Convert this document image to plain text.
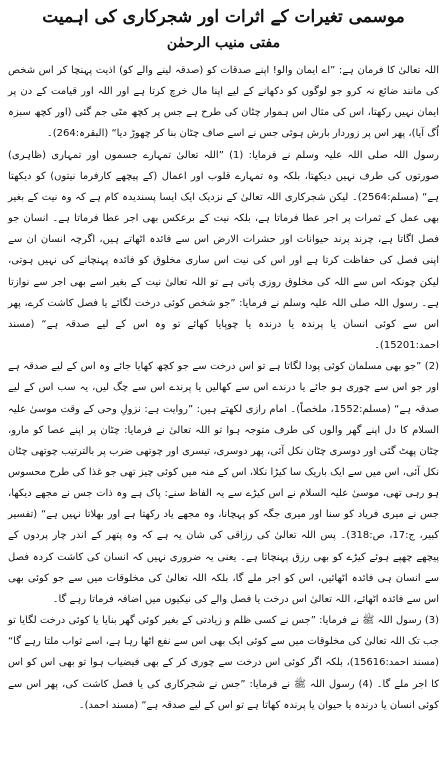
موسمی تغیرات کے اثرات اور شجرکاری کی اہمیت
مفتی منیب الرحمٰن

اللہ تعالیٰ کا فرمان ہے: ”اے ایمان والو! اپنے صدقات کو (صدقہ لینے والے کو) اذیت پہنچا کر اس شخص کی مانند ضائع نہ کرو جو لوگوں کو دکھانے کے لیے اپنا مال خرچ کرتا ہے اور اللہ اور قیامت کے دن پر ایمان نہیں رکھتا، اس کی مثال اس ہموار چٹان کی طرح ہے جس پر کچھ مٹی جم گئی (اور کچھ سبزہ اُگ آیا)، پھر اس پر زوردار بارش ہوئی جس نے اسے صاف چٹان بنا کر چھوڑ دیا“ (البقرہ:264)۔

رسول اللہ صلی اللہ علیہ وسلم نے فرمایا: (1) ”اللہ تعالیٰ تمہارے جسموں اور تمہاری (ظاہری) صورتوں کی طرف نہیں دیکھتا، بلکہ وہ تمہارے قلوب اور اعمال (کے پیچھے کارفرما نیتوں) کو دیکھتا ہے“ (مسلم:2564)۔ لیکن شجرکاری اللہ تعالیٰ کے نزدیک ایک ایسا پسندیدہ کام ہے کہ وہ نیت کے بغیر بھی عمل کے ثمرات پر اجر عطا فرماتا ہے، بلکہ نیت کے برعکس بھی اجر عطا فرماتا ہے۔ انسان جو فصل اگاتا ہے، چرند پرند حیوانات اور حشرات الارض اس سے فائدہ اٹھاتے ہیں، اگرچہ انسان ان سے اپنی فصل کی حفاظت کرتا ہے اور اس کی نیت اس ساری مخلوق کو فائدہ پہنچانے کی نہیں ہوتی، لیکن چونکہ اس سے اللہ کی مخلوق روزی پاتی ہے تو اللہ تعالیٰ نیت کے بغیر اسے بھی اجر سے نوازتا ہے۔ رسول اللہ صلی اللہ علیہ وسلم نے فرمایا: ”جو شخص کوئی درخت لگائے یا فصل کاشت کرے، پھر اس سے کوئی انسان یا پرندہ یا درندہ یا چوپایا کھائے تو وہ اس کے لیے صدقہ ہے“ (مسند احمد:15201)۔

(2) ”جو بھی مسلمان کوئی پودا لگاتا ہے تو اس درخت سے جو کچھ کھایا جائے وہ اس کے لیے صدقہ ہے اور جو اس سے چوری ہو جائے یا درندے اس سے کھالیں یا پرندے اس سے چگ لیں، یہ سب اس کے لیے صدقہ ہے“ (مسلم:1552، ملخصاً)۔ امام رازی لکھتے ہیں: ”روایت ہے: نزولِ وحی کے وقت موسیٰ علیہ السلام کا دل اپنے گھر والوں کی طرف متوجہ ہوا تو اللہ تعالیٰ نے فرمایا: چٹان پر اپنے عصا کو مارو، چٹان پھٹ گئی اور دوسری چٹان نکل آئی، پھر دوسری، تیسری اور چوتھی ضرب پر بالترتیب چوتھی چٹان نکل آئی، اس میں سے ایک باریک سا کیڑا نکلا، اس کے منہ میں کوئی چیز تھی جو غذا کی طرح محسوس ہو رہی تھی، موسیٰ علیہ السلام نے اس کیڑے سے یہ الفاظ سنے: پاک ہے وہ ذات جس نے مجھے دیکھا، جس نے میری فریاد کو سنا اور میری جگہ کو پہچانا، وہ مجھے یاد رکھتا ہے اور بھلاتا نہیں ہے“ (تفسیر کبیر، ج:17، ص:318)۔ پس اللہ تعالیٰ کی رزاقی کی شان یہ ہے کہ وہ پتھر کے اندر چار پردوں کے پیچھے چھپے ہوئے کیڑے کو بھی رزق پہنچاتا ہے۔ یعنی یہ ضروری نہیں کہ انسان کی کاشت کردہ فصل سے انسان ہی فائدہ اٹھائیں، اس کو اجر ملے گا، بلکہ اللہ تعالیٰ کی مخلوقات میں سے جو کوئی بھی اس سے فائدہ اٹھائے، اللہ تعالیٰ اس درخت یا فصل والے کی نیکیوں میں اضافہ فرماتا رہے گا۔

(3) رسول اللہ ﷺ نے فرمایا: ”جس نے کسی ظلم و زیادتی کے بغیر کوئی گھر بنایا یا کوئی درخت لگایا تو جب تک اللہ تعالیٰ کی مخلوقات میں سے کوئی ایک بھی اس سے نفع اٹھا رہا ہے، اسے ثواب ملتا رہے گا“ (مسند احمد:15616)، بلکہ اگر کوئی اس درخت سے چوری کر کے بھی فیضیاب ہوا تو بھی اس کو اس کا اجر ملے گا۔ (4) رسول اللہ ﷺ نے فرمایا: ”جس نے شجرکاری کی یا فصل کاشت کی، پھر اس سے کوئی انسان یا درندہ یا حیوان یا پرندہ کھاتا ہے تو اس کے لیے صدقہ ہے“ (مسند احمد)۔
